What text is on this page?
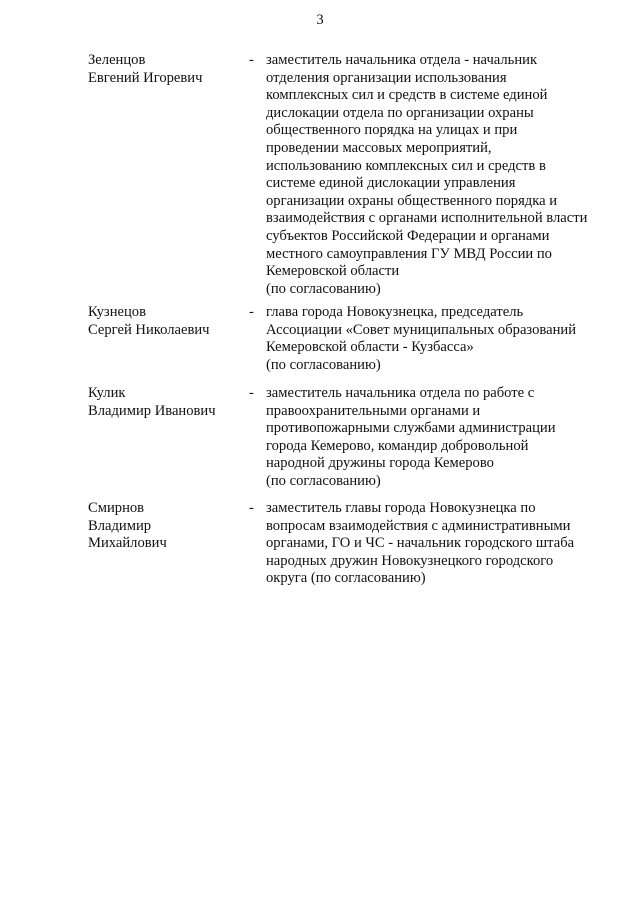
3
Зеленцов
Евгений Игоревич
- заместитель начальника отдела - начальник
отделения организации использования
комплексных сил и средств в системе единой
дислокации отдела по организации охраны
общественного порядка на улицах и при
проведении массовых мероприятий,
использованию комплексных сил и средств в
системе единой дислокации управления
организации охраны общественного порядка и
взаимодействия с органами исполнительной власти
субъектов Российской Федерации и органами
местного самоуправления ГУ МВД России по
Кемеровской области
(по согласованию)
Кузнецов
Сергей Николаевич
- глава города Новокузнецка, председатель
Ассоциации «Совет муниципальных образований
Кемеровской области - Кузбасса»
(по согласованию)
Кулик
Владимир Иванович
- заместитель начальника отдела по работе с
правоохранительными органами и
противопожарными службами администрации
города Кемерово, командир добровольной
народной дружины города Кемерово
(по согласованию)
Смирнов
Владимир
Михайлович
- заместитель главы города Новокузнецка по
вопросам взаимодействия с административными
органами, ГО и ЧС - начальник городского штаба
народных дружин Новокузнецкого городского
округа (по согласованию)
